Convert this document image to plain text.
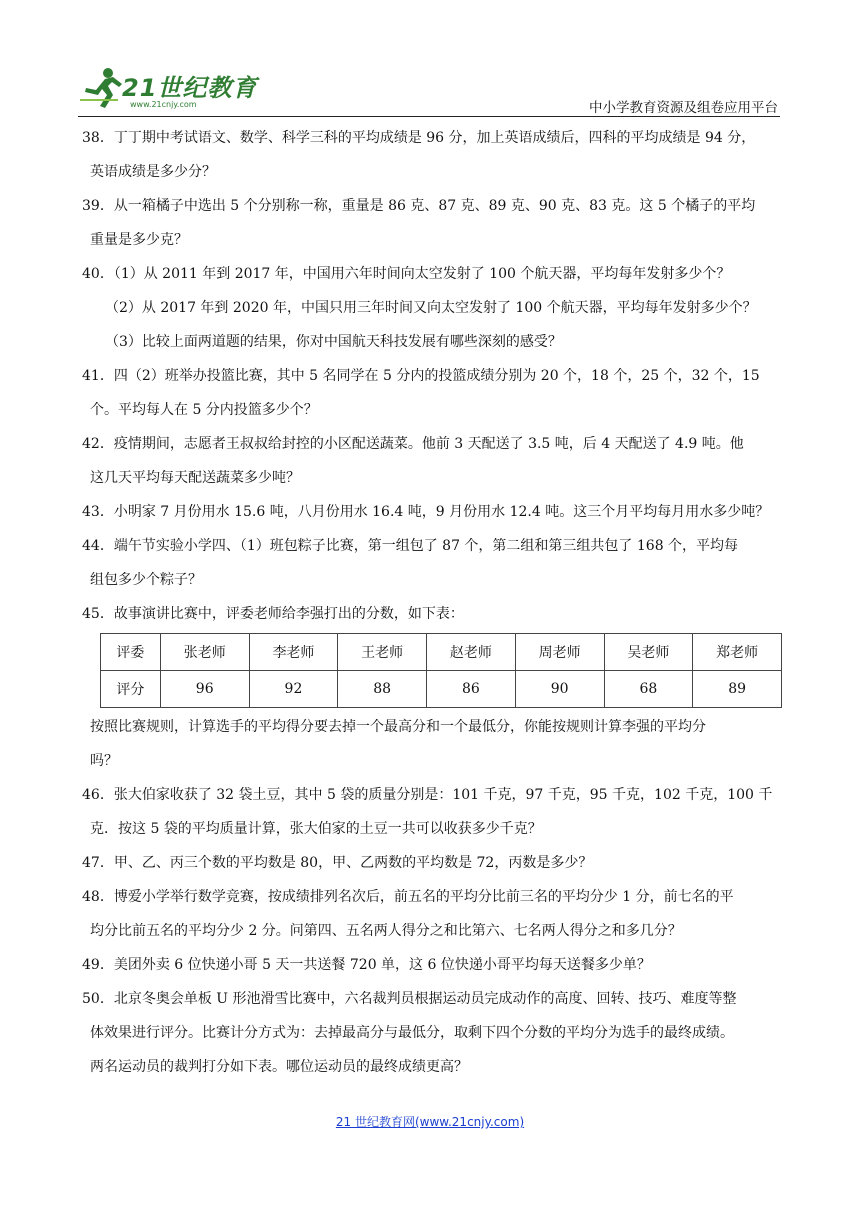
21世纪教育
www.21cnjy.com	中小学教育资源及组卷应用平台
38．丁丁期中考试语文、数学、科学三科的平均成绩是 96 分，加上英语成绩后，四科的平均成绩是 94 分，
英语成绩是多少分？
39．从一箱橘子中选出 5 个分别称一称，重量是 86 克、87 克、89 克、90 克、83 克。这 5 个橘子的平均
重量是多少克？
40．（1）从 2011 年到 2017 年，中国用六年时间向太空发射了 100 个航天器，平均每年发射多少个？
（2）从 2017 年到 2020 年，中国只用三年时间又向太空发射了 100 个航天器，平均每年发射多少个？
（3）比较上面两道题的结果，你对中国航天科技发展有哪些深刻的感受？
41．四（2）班举办投篮比赛，其中 5 名同学在 5 分内的投篮成绩分别为 20 个，18 个，25 个，32 个，15
个。平均每人在 5 分内投篮多少个？
42．疫情期间，志愿者王叔叔给封控的小区配送蔬菜。他前 3 天配送了 3.5 吨，后 4 天配送了 4.9 吨。他
这几天平均每天配送蔬菜多少吨？
43．小明家 7 月份用水 15.6 吨，八月份用水 16.4 吨，9 月份用水 12.4 吨。这三个月平均每月用水多少吨？
44．端午节实验小学四、（1）班包粽子比赛，第一组包了 87 个，第二组和第三组共包了 168 个，平均每
组包多少个粽子？
45．故事演讲比赛中，评委老师给李强打出的分数，如下表：
评委	张老师	李老师	王老师	赵老师	周老师	吴老师	郑老师
评分	96	92	88	86	90	68	89
按照比赛规则，计算选手的平均得分要去掉一个最高分和一个最低分，你能按规则计算李强的平均分
吗？
46．张大伯家收获了 32 袋土豆，其中 5 袋的质量分别是：101 千克，97 千克，95 千克，102 千克，100 千
克．按这 5 袋的平均质量计算，张大伯家的土豆一共可以收获多少千克？
47．甲、乙、丙三个数的平均数是 80，甲、乙两数的平均数是 72，丙数是多少？
48．博爱小学举行数学竞赛，按成绩排列名次后，前五名的平均分比前三名的平均分少 1 分，前七名的平
均分比前五名的平均分少 2 分。问第四、五名两人得分之和比第六、七名两人得分之和多几分？
49．美团外卖 6 位快递小哥 5 天一共送餐 720 单，这 6 位快递小哥平均每天送餐多少单？
50．北京冬奥会单板 U 形池滑雪比赛中，六名裁判员根据运动员完成动作的高度、回转、技巧、难度等整
体效果进行评分。比赛计分方式为：去掉最高分与最低分，取剩下四个分数的平均分为选手的最终成绩。
两名运动员的裁判打分如下表。哪位运动员的最终成绩更高？
21 世纪教育网(www.21cnjy.com)
